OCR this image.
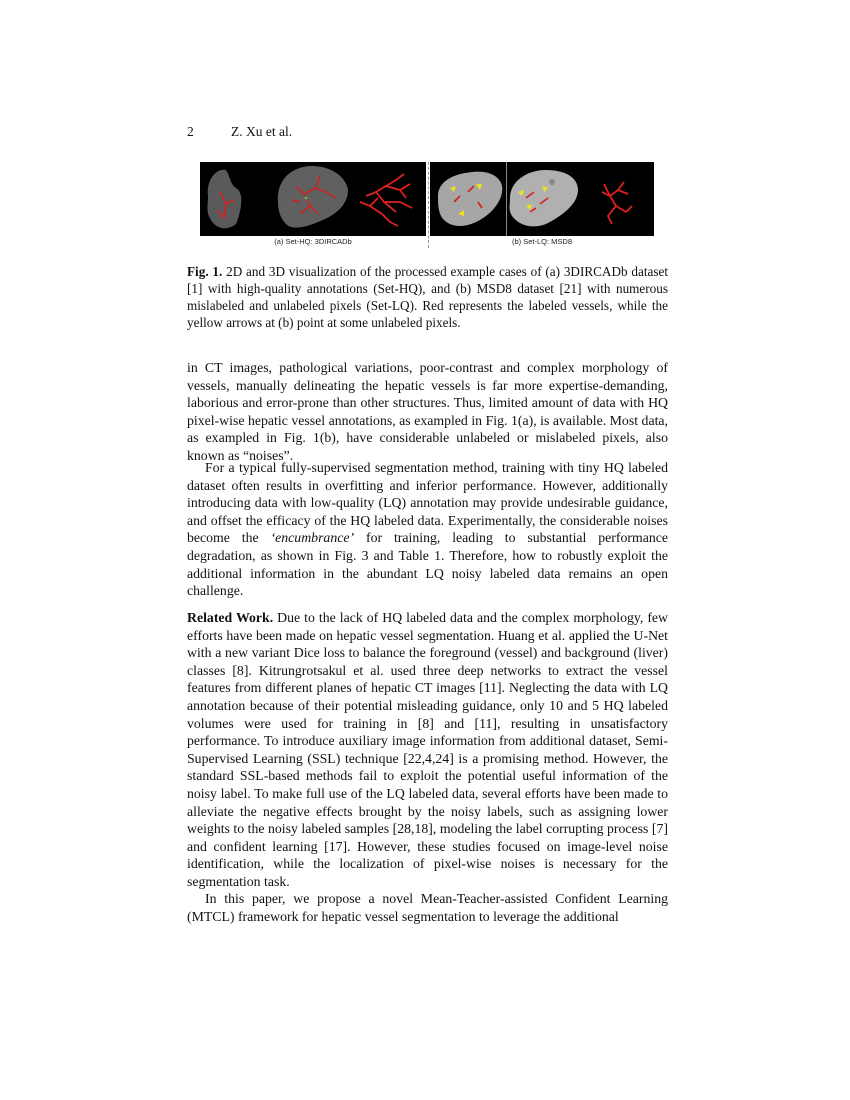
2	Z. Xu et al.
(a) Set-HQ: 3DIRCADb	(b) Set-LQ: MSD8
Fig. 1. 2D and 3D visualization of the processed example cases of (a) 3DIRCADb dataset [1] with high-quality annotations (Set-HQ), and (b) MSD8 dataset [21] with numerous mislabeled and unlabeled pixels (Set-LQ). Red represents the labeled vessels, while the yellow arrows at (b) point at some unlabeled pixels.
in CT images, pathological variations, poor-contrast and complex morphology of vessels, manually delineating the hepatic vessels is far more expertise-demanding, laborious and error-prone than other structures. Thus, limited amount of data with HQ pixel-wise hepatic vessel annotations, as exampled in Fig. 1(a), is available. Most data, as exampled in Fig. 1(b), have considerable unlabeled or mislabeled pixels, also known as “noises”.
For a typical fully-supervised segmentation method, training with tiny HQ labeled dataset often results in overfitting and inferior performance. However, additionally introducing data with low-quality (LQ) annotation may provide undesirable guidance, and offset the efficacy of the HQ labeled data. Experimentally, the considerable noises become the ‘encumbrance’ for training, leading to substantial performance degradation, as shown in Fig. 3 and Table 1. Therefore, how to robustly exploit the additional information in the abundant LQ noisy labeled data remains an open challenge.
Related Work. Due to the lack of HQ labeled data and the complex morphology, few efforts have been made on hepatic vessel segmentation. Huang et al. applied the U-Net with a new variant Dice loss to balance the foreground (vessel) and background (liver) classes [8]. Kitrungrotsakul et al. used three deep networks to extract the vessel features from different planes of hepatic CT images [11]. Neglecting the data with LQ annotation because of their potential misleading guidance, only 10 and 5 HQ labeled volumes were used for training in [8] and [11], resulting in unsatisfactory performance. To introduce auxiliary image information from additional dataset, Semi-Supervised Learning (SSL) technique [22,4,24] is a promising method. However, the standard SSL-based methods fail to exploit the potential useful information of the noisy label. To make full use of the LQ labeled data, several efforts have been made to alleviate the negative effects brought by the noisy labels, such as assigning lower weights to the noisy labeled samples [28,18], modeling the label corrupting process [7] and confident learning [17]. However, these studies focused on image-level noise identification, while the localization of pixel-wise noises is necessary for the segmentation task.
In this paper, we propose a novel Mean-Teacher-assisted Confident Learning (MTCL) framework for hepatic vessel segmentation to leverage the additional
